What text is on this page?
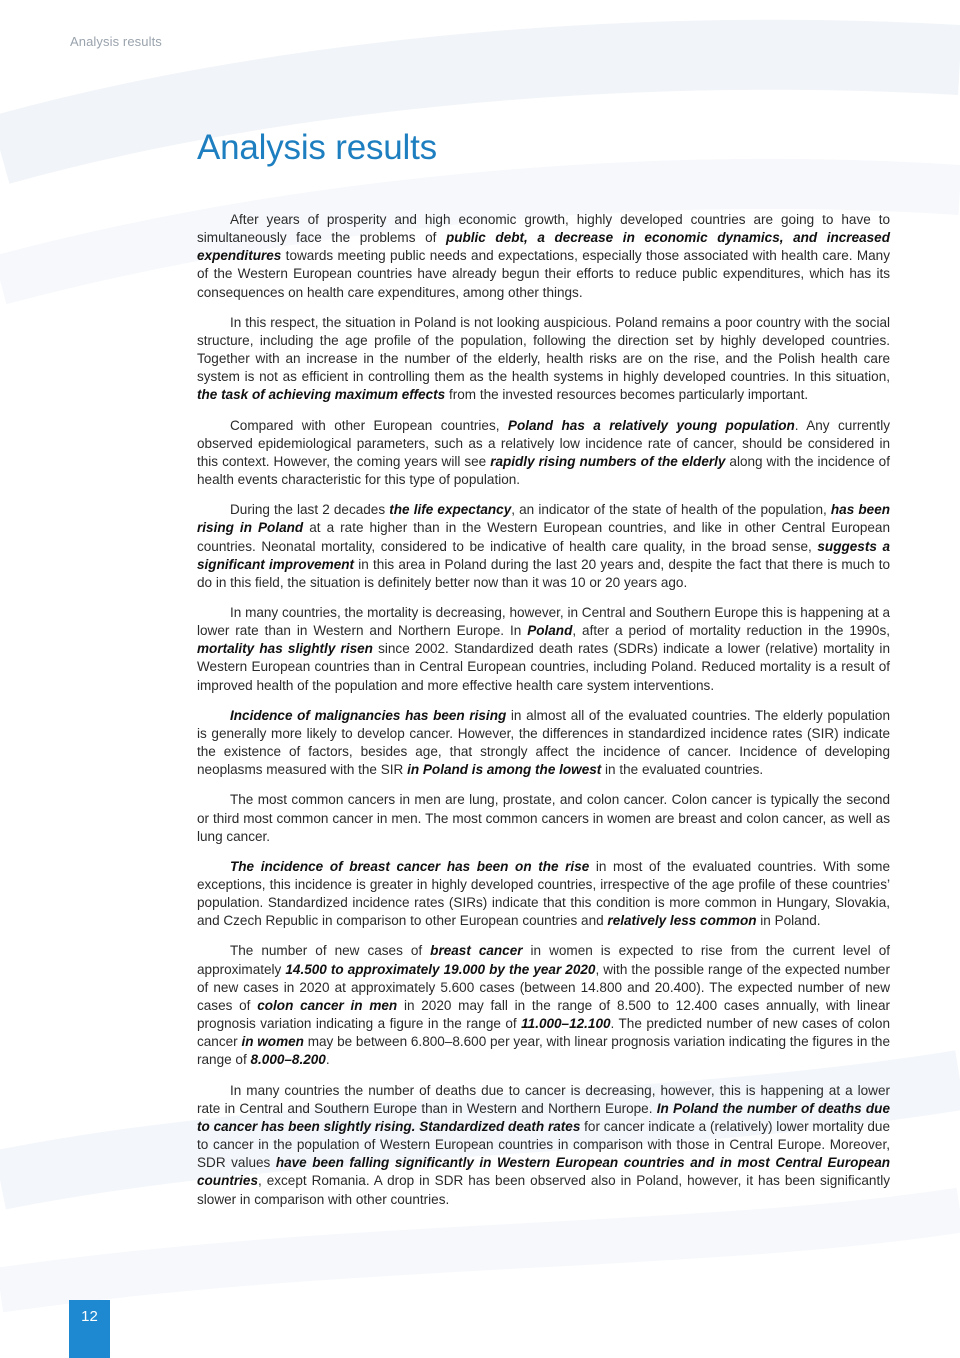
Analysis results
Analysis results

After years of prosperity and high economic growth, highly developed countries are going to have to simultaneously face the problems of public debt, a decrease in economic dynamics, and increased expenditures towards meeting public needs and expectations, especially those associated with health care. Many of the Western European countries have already begun their efforts to reduce public expenditures, which has its consequences on health care expenditures, among other things.

In this respect, the situation in Poland is not looking auspicious. Poland remains a poor country with the social structure, including the age profile of the population, following the direction set by highly developed countries. Together with an increase in the number of the elderly, health risks are on the rise, and the Polish health care system is not as efficient in controlling them as the health systems in highly developed countries. In this situation, the task of achieving maximum effects from the invested resources becomes particularly important.

Compared with other European countries, Poland has a relatively young population. Any currently observed epidemiological parameters, such as a relatively low incidence rate of cancer, should be considered in this context. However, the coming years will see rapidly rising numbers of the elderly along with the incidence of health events characteristic for this type of population.

During the last 2 decades the life expectancy, an indicator of the state of health of the population, has been rising in Poland at a rate higher than in the Western European countries, and like in other Central European countries. Neonatal mortality, considered to be indicative of health care quality, in the broad sense, suggests a significant improvement in this area in Poland during the last 20 years and, despite the fact that there is much to do in this field, the situation is definitely better now than it was 10 or 20 years ago.

In many countries, the mortality is decreasing, however, in Central and Southern Europe this is happening at a lower rate than in Western and Northern Europe. In Poland, after a period of mortality reduction in the 1990s, mortality has slightly risen since 2002. Standardized death rates (SDRs) indicate a lower (relative) mortality in Western European countries than in Central European countries, including Poland. Reduced mortality is a result of improved health of the population and more effective health care system interventions.

Incidence of malignancies has been rising in almost all of the evaluated countries. The elderly population is generally more likely to develop cancer. However, the differences in standardized incidence rates (SIR) indicate the existence of factors, besides age, that strongly affect the incidence of cancer. Incidence of developing neoplasms measured with the SIR in Poland is among the lowest in the evaluated countries.

The most common cancers in men are lung, prostate, and colon cancer. Colon cancer is typically the second or third most common cancer in men. The most common cancers in women are breast and colon cancer, as well as lung cancer.

The incidence of breast cancer has been on the rise in most of the evaluated countries. With some exceptions, this incidence is greater in highly developed countries, irrespective of the age profile of these countries’ population. Standardized incidence rates (SIRs) indicate that this condition is more common in Hungary, Slovakia, and Czech Republic in comparison to other European countries and relatively less common in Poland.

The number of new cases of breast cancer in women is expected to rise from the current level of approximately 14.500 to approximately 19.000 by the year 2020, with the possible range of the expected number of new cases in 2020 at approximately 5.600 cases (between 14.800 and 20.400). The expected number of new cases of colon cancer in men in 2020 may fall in the range of 8.500 to 12.400 cases annually, with linear prognosis variation indicating a figure in the range of 11.000–12.100. The predicted number of new cases of colon cancer in women may be between 6.800–8.600 per year, with linear prognosis variation indicating the figures in the range of 8.000–8.200.

In many countries the number of deaths due to cancer is decreasing, however, this is happening at a lower rate in Central and Southern Europe than in Western and Northern Europe. In Poland the number of deaths due to cancer has been slightly rising. Standardized death rates for cancer indicate a (relatively) lower mortality due to cancer in the population of Western European countries in comparison with those in Central Europe. Moreover, SDR values have been falling significantly in Western European countries and in most Central European countries, except Romania. A drop in SDR has been observed also in Poland, however, it has been significantly slower in comparison with other countries.

12
